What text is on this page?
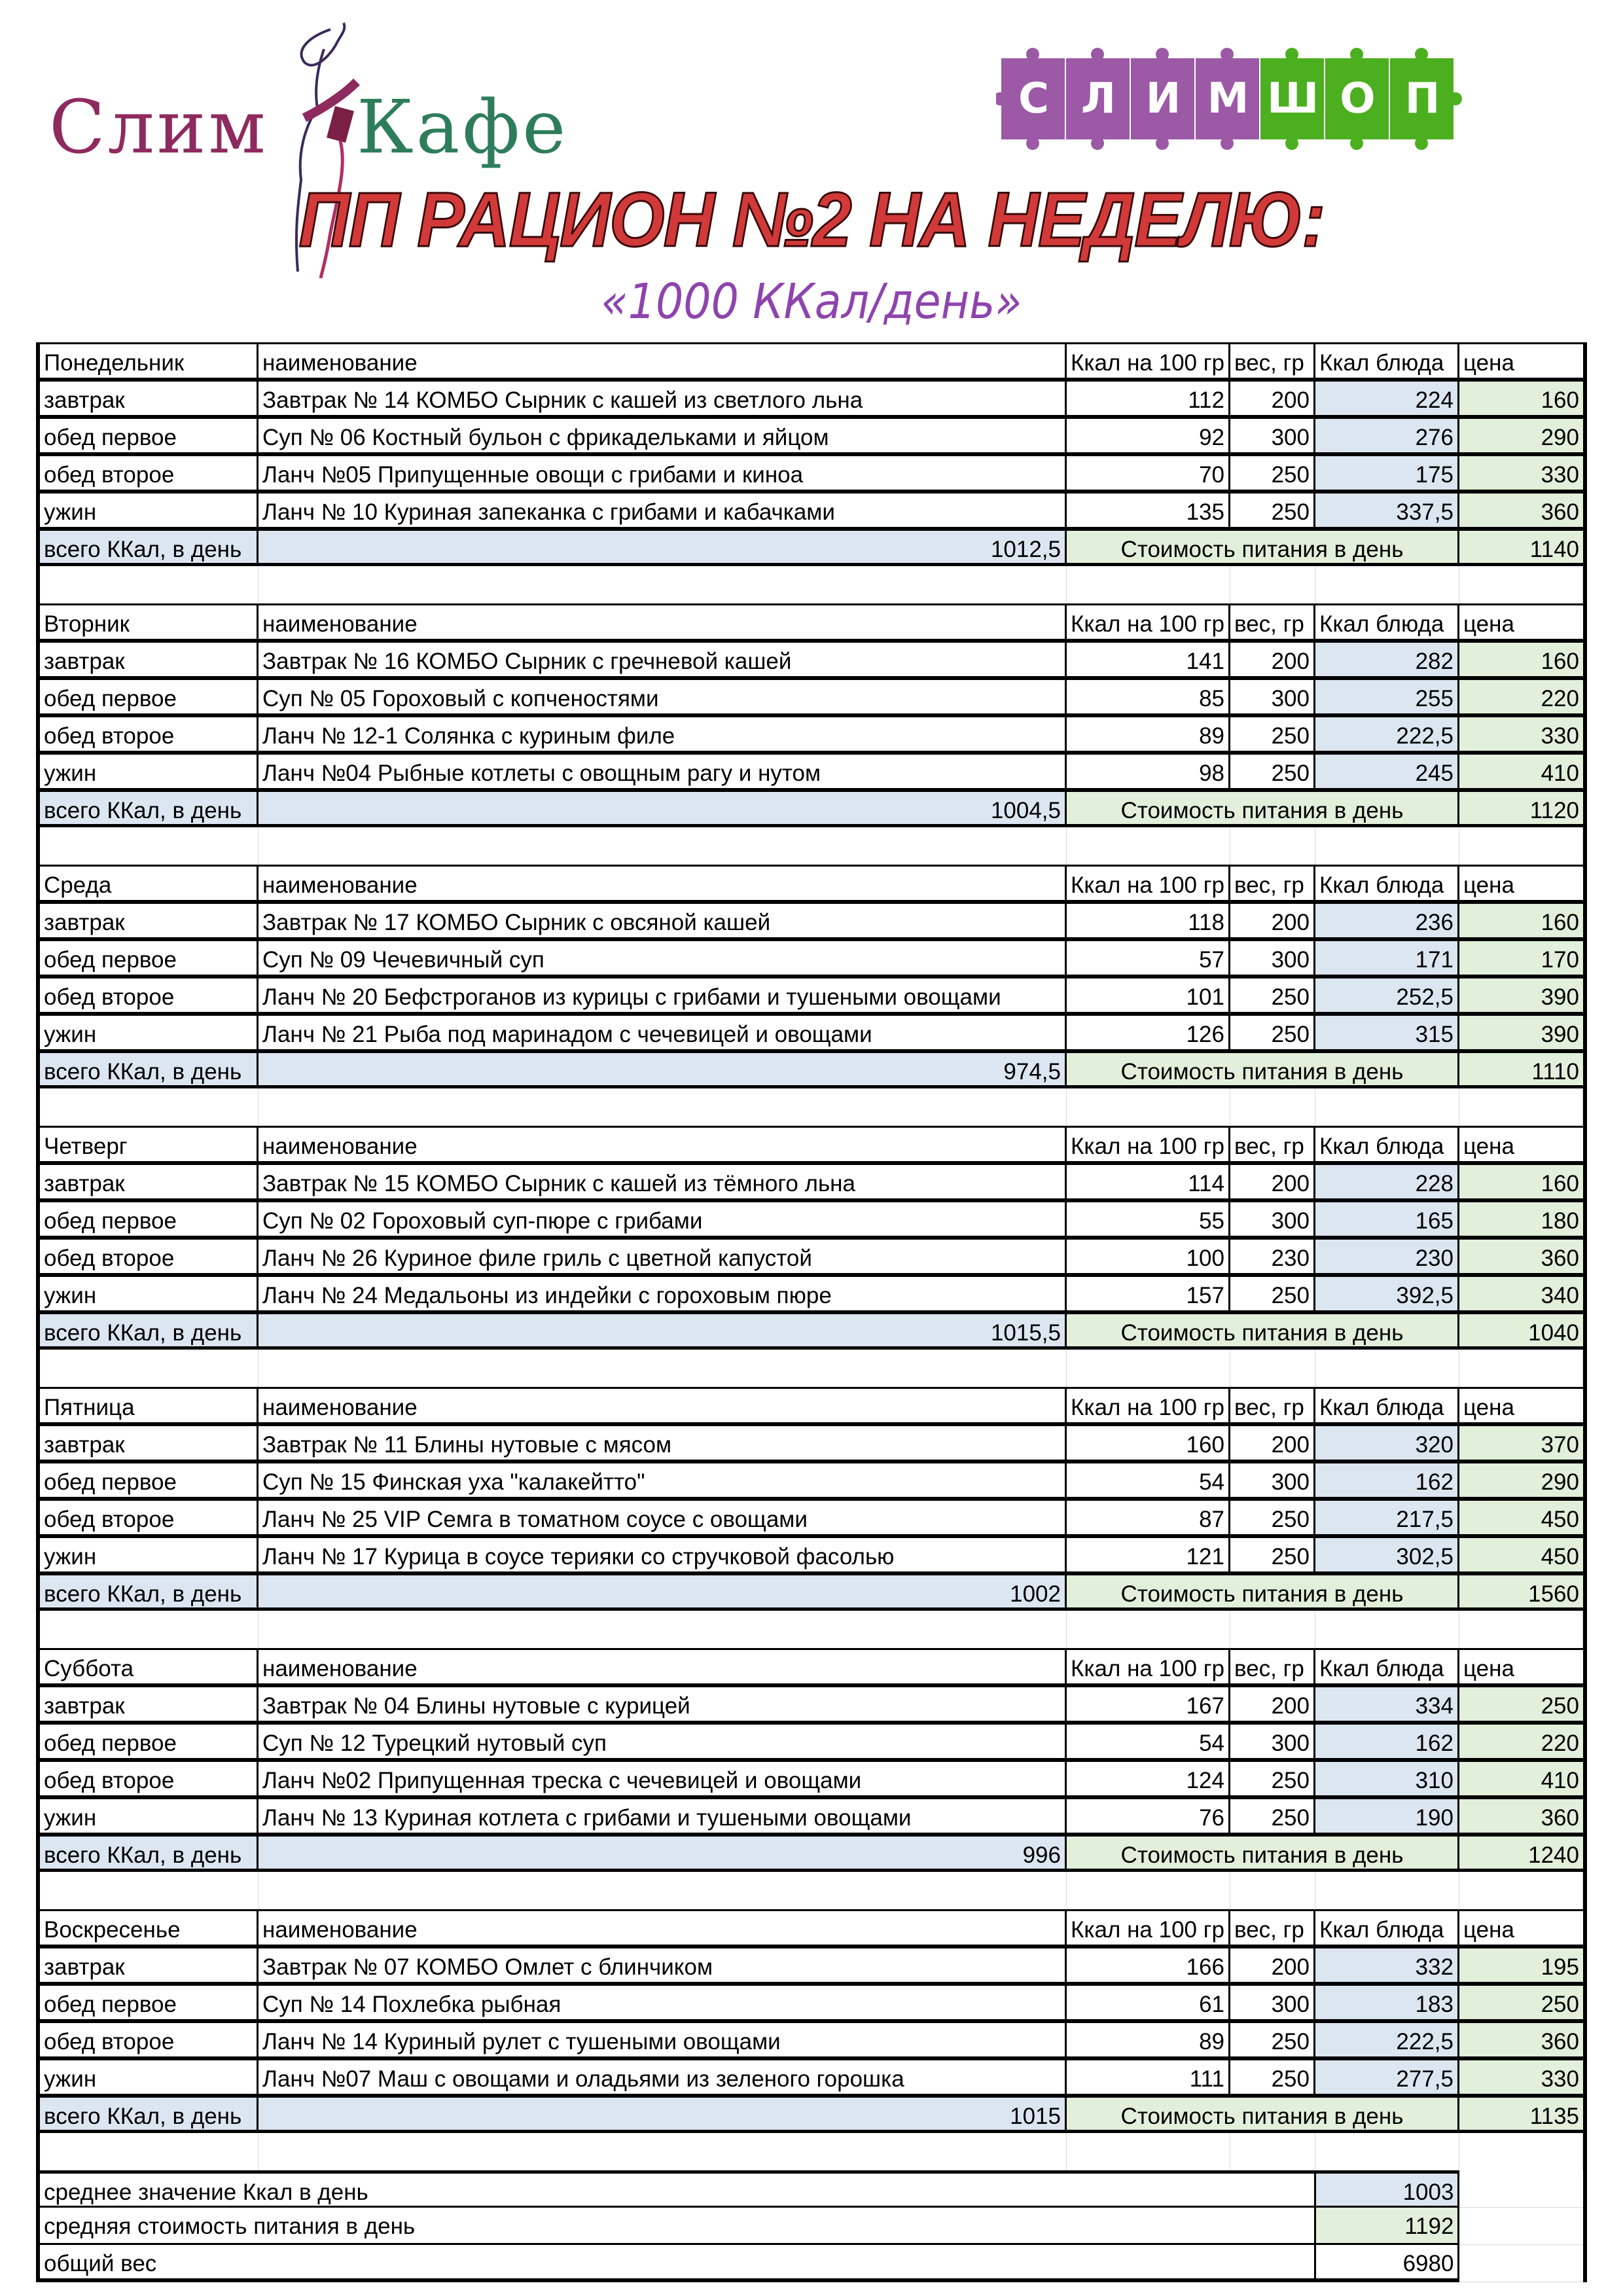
Слим Кафе	С Л И М Ш О П
ПП РАЦИОН №2 НА НЕДЕЛЮ:
«1000 ККал/день»
Понедельник	наименование	Ккал на 100 гр вес, гр Ккал блюда цена
завтрак	Завтрак № 14 КОМБО Сырник с кашей из светлого льна	112	200	224	160
обед первое	Суп № 06 Костный бульон с фрикадельками и яйцом	92	300	276	290
обед второе	Ланч №05 Припущенные овощи с грибами и киноа	70	250	175	330
ужин	Ланч № 10 Куриная запеканка с грибами и кабачками	135	250	337,5	360
всего ККал, в день	1012,5	Стоимость питания в день	1140
Вторник	наименование	Ккал на 100 гр вес, гр Ккал блюда цена
завтрак	Завтрак № 16 КОМБО Сырник с гречневой кашей	141	200	282	160
обед первое	Суп № 05 Гороховый с копченостями	85	300	255	220
обед второе	Ланч № 12-1 Солянка с куриным филе	89	250	222,5	330
ужин	Ланч №04 Рыбные котлеты с овощным рагу и нутом	98	250	245	410
всего ККал, в день	1004,5	Стоимость питания в день	1120
Среда	наименование	Ккал на 100 гр вес, гр Ккал блюда цена
завтрак	Завтрак № 17 КОМБО Сырник с овсяной кашей	118	200	236	160
обед первое	Суп № 09 Чечевичный суп	57	300	171	170
обед второе	Ланч № 20 Бефстроганов из курицы с грибами и тушеными овощами	101	250	252,5	390
ужин	Ланч № 21 Рыба под маринадом с чечевицей и овощами	126	250	315	390
всего ККал, в день	974,5	Стоимость питания в день	1110
Четверг	наименование	Ккал на 100 гр вес, гр Ккал блюда цена
завтрак	Завтрак № 15 КОМБО Сырник с кашей из тёмного льна	114	200	228	160
обед первое	Суп № 02 Гороховый суп-пюре с грибами	55	300	165	180
обед второе	Ланч № 26 Куриное филе гриль с цветной капустой	100	230	230	360
ужин	Ланч № 24 Медальоны из индейки с гороховым пюре	157	250	392,5	340
всего ККал, в день	1015,5	Стоимость питания в день	1040
Пятница	наименование	Ккал на 100 гр вес, гр Ккал блюда цена
завтрак	Завтрак № 11 Блины нутовые с мясом	160	200	320	370
обед первое	Суп № 15 Финская уха "калакейтто"	54	300	162	290
обед второе	Ланч № 25 VIP Семга в томатном соусе с овощами	87	250	217,5	450
ужин	Ланч № 17 Курица в соусе терияки со стручковой фасолью	121	250	302,5	450
всего ККал, в день	1002	Стоимость питания в день	1560
Суббота	наименование	Ккал на 100 гр вес, гр Ккал блюда цена
завтрак	Завтрак № 04 Блины нутовые с курицей	167	200	334	250
обед первое	Суп № 12 Турецкий нутовый суп	54	300	162	220
обед второе	Ланч №02 Припущенная треска с чечевицей и овощами	124	250	310	410
ужин	Ланч № 13 Куриная котлета с грибами и тушеными овощами	76	250	190	360
всего ККал, в день	996	Стоимость питания в день	1240
Воскресенье	наименование	Ккал на 100 гр вес, гр Ккал блюда цена
завтрак	Завтрак № 07 КОМБО Омлет с блинчиком	166	200	332	195
обед первое	Суп № 14 Похлебка рыбная	61	300	183	250
обед второе	Ланч № 14 Куриный рулет с тушеными овощами	89	250	222,5	360
ужин	Ланч №07 Маш с овощами и оладьями из зеленого горошка	111	250	277,5	330
всего ККал, в день	1015	Стоимость питания в день	1135
среднее значение Ккал в день	1003
средняя стоимость питания в день	1192
общий вес	6980
